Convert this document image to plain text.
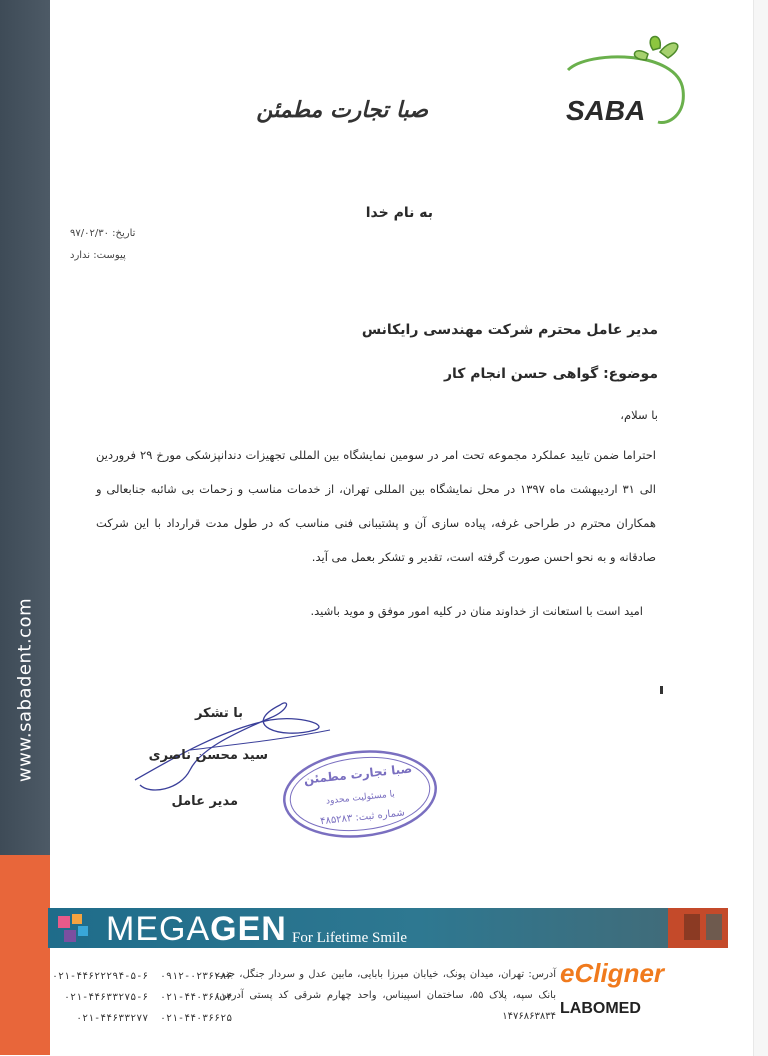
www.sabadent.com
SABA
صبا تجارت مطمئن
به نام خدا
تاریخ: ۹۷/۰۲/۳۰
پیوست: ندارد
مدیر عامل محترم شرکت مهندسی رایکانس
موضوع: گواهی حسن انجام کار
با سلام،
احتراما ضمن تایید عملکرد مجموعه تحت امر در سومین نمایشگاه بین المللی تجهیزات دندانپزشکی مورخ ۲۹ فروردین الی ۳۱ اردیبهشت ماه ۱۳۹۷ در محل نمایشگاه بین المللی تهران، از خدمات مناسب و زحمات بی شائبه جنابعالی و همکاران محترم در طراحی غرفه، پیاده سازی آن و پشتیبانی فنی مناسب که در طول مدت قرارداد با این شرکت صادقانه و به نحو احسن صورت گرفته است، تقدیر و تشکر بعمل می آید.
امید است با استعانت از خداوند منان در کلیه امور موفق و موید باشید.
با تشکر
سید محسن ناصری
مدیر عامل
صبا تجارت مطمئن
با مسئولیت محدود
شماره ثبت: ۴۸۵۲۸۳
MEGAGEN For Lifetime Smile
eCligner
LABOMED
آدرس: تهران، میدان پونک، خیابان میرزا بابایی، مابین عدل و سردار جنگل، جنب بانک سپه، پلاک ۵۵، ساختمان اسپیناس، واحد چهارم شرقی کد پستی آدرس: ۱۴۷۶۸۶۳۸۳۴
۰۹۱۲-۰۲۳۶۲۸۶
۰۲۱-۴۴۰۳۶۸۱۴
۰۲۱-۴۴۰۳۶۶۲۵
۰۲۱-۴۴۶۲۲۲۹۴-۵-۶
۰۲۱-۴۴۶۳۳۲۷۵-۶
۰۲۱-۴۴۶۳۳۲۷۷
